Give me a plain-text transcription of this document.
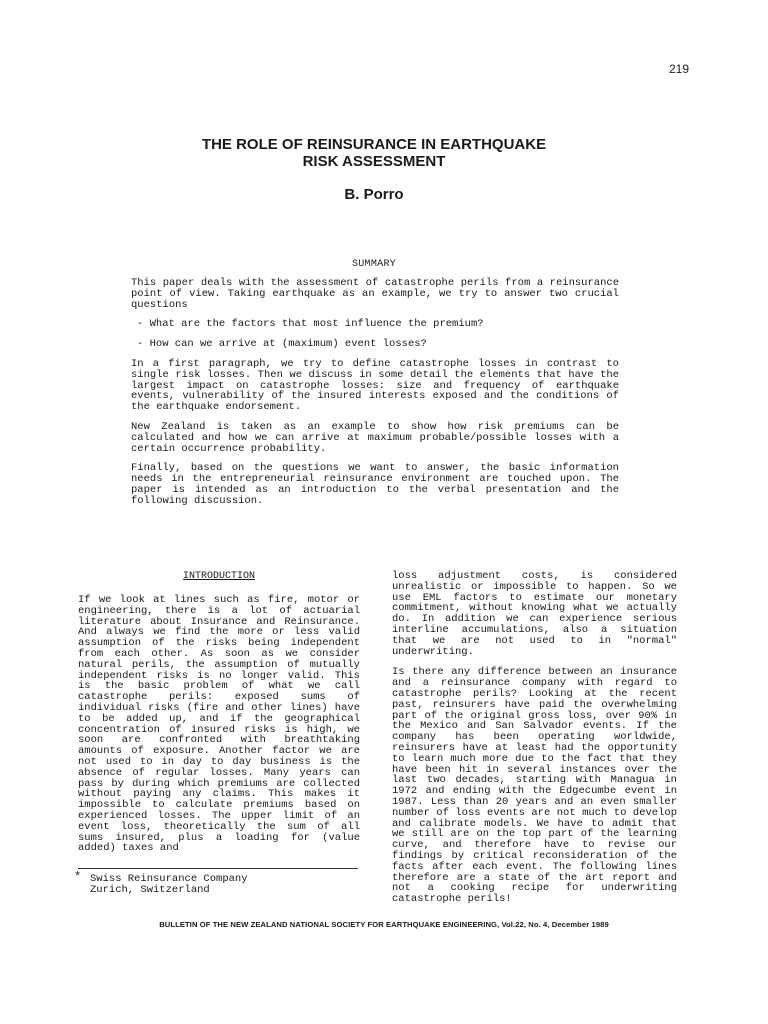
219
THE ROLE OF REINSURANCE IN EARTHQUAKE
RISK ASSESSMENT
B. Porro
SUMMARY

This paper deals with the assessment of catastrophe perils from a reinsurance point of view. Taking earthquake as an example, we try to answer two crucial questions

- What are the factors that most influence the premium?

- How can we arrive at (maximum) event losses?

In a first paragraph, we try to define catastrophe losses in contrast to single risk losses. Then we discuss in some detail the elements that have the largest impact on catastrophe losses: size and frequency of earthquake events, vulnerability of the insured interests exposed and the conditions of the earthquake endorsement.

New Zealand is taken as an example to show how risk premiums can be calculated and how we can arrive at maximum probable/possible losses with a certain occurrence probability.

Finally, based on the questions we want to answer, the basic information needs in the entrepreneurial reinsurance environment are touched upon. The paper is intended as an introduction to the verbal presentation and the following discussion.

INTRODUCTION

If we look at lines such as fire, motor or engineering, there is a lot of actuarial literature about Insurance and Reinsurance. And always we find the more or less valid assumption of the risks being independent from each other. As soon as we consider natural perils, the assumption of mutually independent risks is no longer valid. This is the basic problem of what we call catastrophe perils: exposed sums of individual risks (fire and other lines) have to be added up, and if the geographical concentration of insured risks is high, we soon are confronted with breathtaking amounts of exposure. Another factor we are not used to in day to day business is the absence of regular losses. Many years can pass by during which premiums are collected without paying any claims. This makes it impossible to calculate premiums based on experienced losses. The upper limit of an event loss, theoretically the sum of all sums insured, plus a loading for (value added) taxes and

loss adjustment costs, is considered unrealistic or impossible to happen. So we use EML factors to estimate our monetary commitment, without knowing what we actually do. In addition we can experience serious interline accumulations, also a situation that we are not used to in "normal" underwriting.

Is there any difference between an insurance and a reinsurance company with regard to catastrophe perils? Looking at the recent past, reinsurers have paid the overwhelming part of the original gross loss, over 90% in the Mexico and San Salvador events. If the company has been operating worldwide, reinsurers have at least had the opportunity to learn much more due to the fact that they have been hit in several instances over the last two decades, starting with Managua in 1972 and ending with the Edgecumbe event in 1987. Less than 20 years and an even smaller number of loss events are not much to develop and calibrate models. We have to admit that we still are on the top part of the learning curve, and therefore have to revise our findings by critical reconsideration of the facts after each event. The following lines therefore are a state of the art report and not a cooking recipe for underwriting catastrophe perils!

* Swiss Reinsurance Company
Zurich, Switzerland
BULLETIN OF THE NEW ZEALAND NATIONAL SOCIETY FOR EARTHQUAKE ENGINEERING, Vol.22, No. 4, December 1989
